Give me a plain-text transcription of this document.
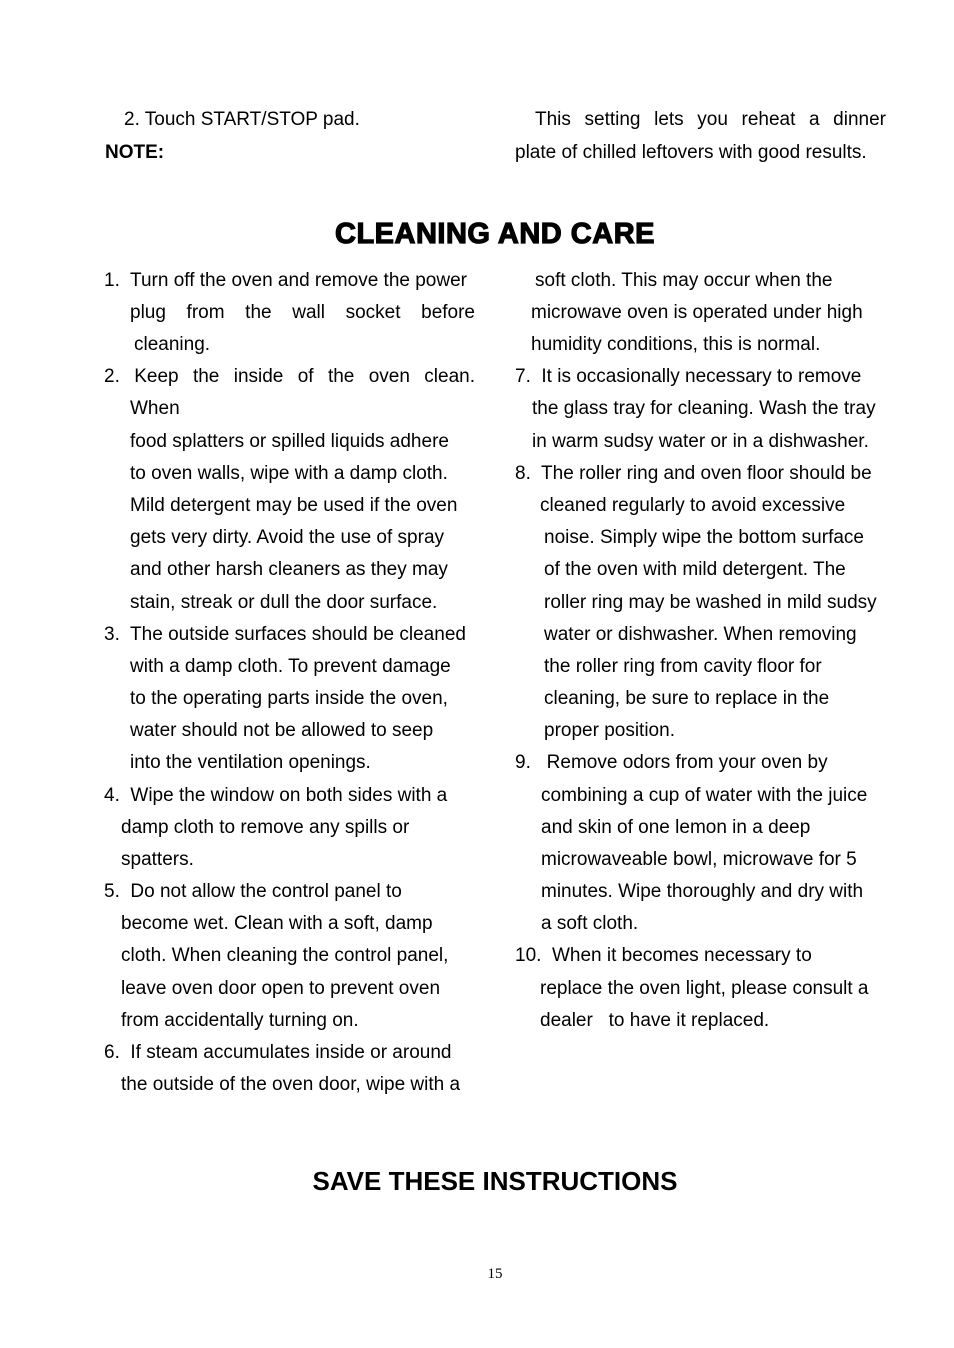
2. Touch START/STOP pad.
NOTE:
This setting lets you reheat a dinner
plate of chilled leftovers with good results.
CLEANING AND CARE
1.  Turn off the oven and remove the power
plug from the wall socket before
cleaning.
2. Keep the inside of the oven clean.
When
food splatters or spilled liquids adhere
to oven walls, wipe with a damp cloth.
Mild detergent may be used if the oven
gets very dirty. Avoid the use of spray
and other harsh cleaners as they may
stain, streak or dull the door surface.
3.  The outside surfaces should be cleaned
with a damp cloth. To prevent damage
to the operating parts inside the oven,
water should not be allowed to seep
into the ventilation openings.
4.  Wipe the window on both sides with a
damp cloth to remove any spills or
spatters.
5.  Do not allow the control panel to
become wet. Clean with a soft, damp
cloth. When cleaning the control panel,
leave oven door open to prevent oven
from accidentally turning on.
6.  If steam accumulates inside or around
the outside of the oven door, wipe with a
soft cloth. This may occur when the
microwave oven is operated under high
humidity conditions, this is normal.
7.  It is occasionally necessary to remove
the glass tray for cleaning. Wash the tray
in warm sudsy water or in a dishwasher.
8.  The roller ring and oven floor should be
cleaned regularly to avoid excessive
noise. Simply wipe the bottom surface
of the oven with mild detergent. The
roller ring may be washed in mild sudsy
water or dishwasher. When removing
the roller ring from cavity floor for
cleaning, be sure to replace in the
proper position.
9.   Remove odors from your oven by
combining a cup of water with the juice
and skin of one lemon in a deep
microwaveable bowl, microwave for 5
minutes. Wipe thoroughly and dry with
a soft cloth.
10.  When it becomes necessary to
replace the oven light, please consult a
dealer   to have it replaced.
SAVE THESE INSTRUCTIONS
15
